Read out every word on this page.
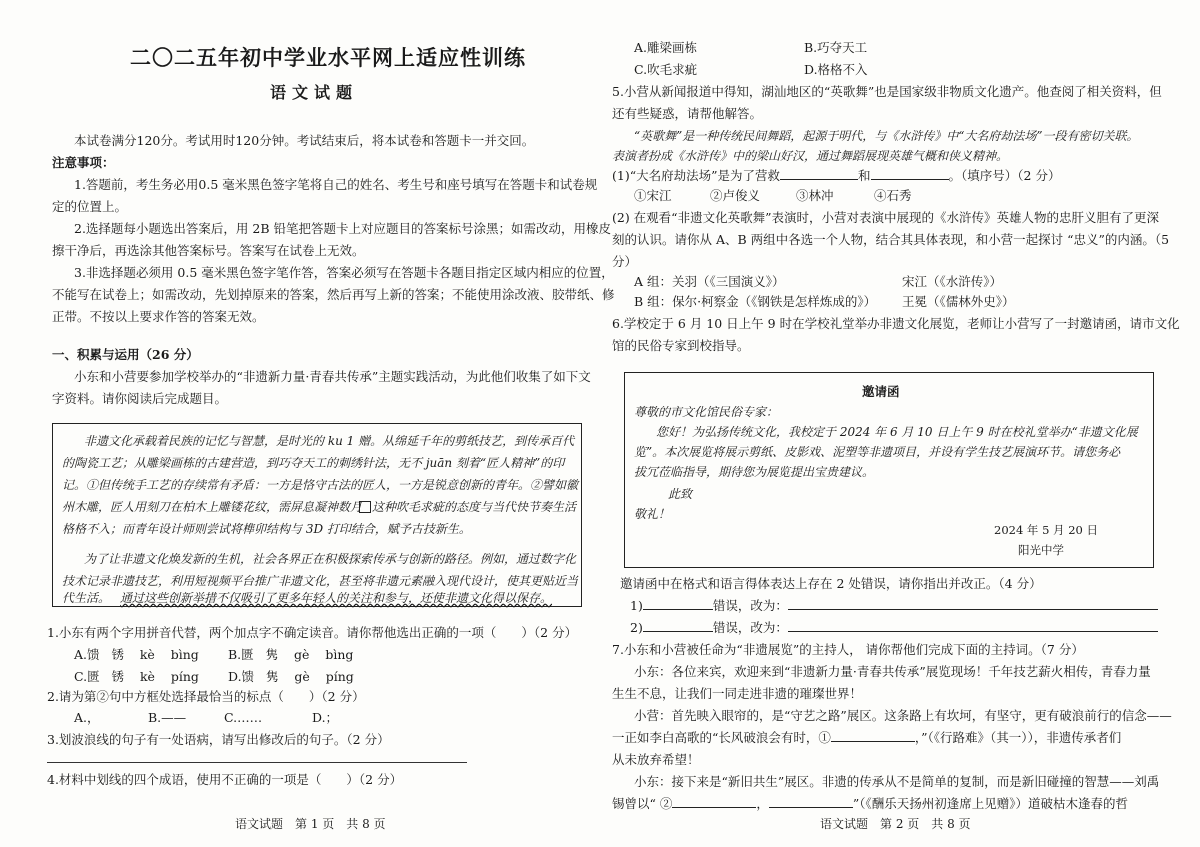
二〇二五年初中学业水平网上适应性训练
语文试题
本试卷满分120分。考试用时120分钟。考试结束后，将本试卷和答题卡一并交回。
注意事项：
1.答题前，考生务必用0.5 毫米黑色签字笔将自己的姓名、考生号和座号填写在答题卡和试卷规
定的位置上。
2.选择题每小题选出答案后，用 2B 铅笔把答题卡上对应题目的答案标号涂黑；如需改动，用橡皮
擦干净后，再选涂其他答案标号。答案写在试卷上无效。
3.非选择题必须用 0.5 毫米黑色签字笔作答，答案必须写在答题卡各题目指定区域内相应的位置，
不能写在试卷上；如需改动，先划掉原来的答案，然后再写上新的答案；不能使用涂改液、胶带纸、修
正带。不按以上要求作答的答案无效。
一、积累与运用（26 分）
小东和小营要参加学校举办的“非遗新力量·青春共传承”主题实践活动，为此他们收集了如下文
字资料。请你阅读后完成题目。
非遗文化承载着民族的记忆与智慧，是时光的 ku 1 赠。从绵延千年的剪纸技艺，到传承百代
的陶瓷工艺；从雕梁画栋的古建营造，到巧夺天工的刺绣针法，无不 juān 刻着“匠人精神”的印
记。①但传统手工艺的存续常有矛盾：一方是恪守古法的匠人，一方是锐意创新的青年。②譬如徽
州木雕，匠人用刻刀在柏木上雕镂花纹，需屏息凝神数月 这种吹毛求疵的态度与当代快节奏生活
格格不入；而青年设计师则尝试将榫卯结构与 3D 打印结合，赋予古技新生。
为了让非遗文化焕发新的生机，社会各界正在积极探索传承与创新的路径。例如，通过数字化
技术记录非遗技艺，利用短视频平台推广非遗文化，甚至将非遗元素融入现代设计，使其更贴近当
代生活。 通过这些创新举措不仅吸引了更多年轻人的关注和参与，还使非遗文化得以保存。
1.小东有两个字用拼音代替，两个加点字不确定读音。请你帮他选出正确的一项（　　）（2 分）
A.馈 锈 kè bìng B.匮 隽 gè bìng
C.匮 锈 kè píng D.馈 隽 gè píng
2.请为第②句中方框处选择最恰当的标点（　　）（2 分）
A.，	B.——	C.……	D.；
3.划波浪线的句子有一处语病，请写出修改后的句子。（2 分）
4.材料中划线的四个成语，使用不正确的一项是（　　）（2 分）
语文试题　第 1 页　共 8 页
A.雕梁画栋	B.巧夺天工
C.吹毛求疵	D.格格不入
5.小营从新闻报道中得知，湖汕地区的“英歌舞”也是国家级非物质文化遗产。他查阅了相关资料，但
还有些疑惑，请帮他解答。
“英歌舞”是一种传统民间舞蹈，起源于明代，与《水浒传》中“大名府劫法场”一段有密切关联。
表演者扮成《水浒传》中的梁山好汉，通过舞蹈展现英雄气概和侠义精神。
(1)“大名府劫法场”是为了营救	和	。（填序号）（2 分）
①宋江	②卢俊义	③林冲	④石秀
(2) 在观看“非遗文化英歌舞”表演时，小营对表演中展现的《水浒传》英雄人物的忠肝义胆有了更深
刻的认识。请你从 A、B 两组中各选一个人物，结合其具体表现，和小营一起探讨 “忠义”的内涵。（5
分）
A 组：关羽（《三国演义》）	宋江（《水浒传》）
B 组：保尔·柯察金（《钢铁是怎样炼成的》） 王冕（《儒林外史》）
6.学校定于 6 月 10 日上午 9 时在学校礼堂举办非遗文化展览，老师让小营写了一封邀请函，请市文化
馆的民俗专家到校指导。
邀请函
尊敬的市文化馆民俗专家：
您好！为弘扬传统文化，我校定于 2024 年 6 月 10 日上午 9 时在校礼堂举办“非遗文化展
览”。本次展览将展示剪纸、皮影戏、泥塑等非遗项目，并设有学生技艺展演环节。请您务必
拔冗莅临指导，期待您为展览提出宝贵建议。
此致
敬礼！
2024 年 5 月 20 日
阳光中学
邀请函中在格式和语言得体表达上存在 2 处错误，请你指出并改正。（4 分）
1)	错误，改为：
2)	错误，改为：
7.小东和小营被任命为“非遗展览”的主持人， 请你帮他们完成下面的主持词。（7 分）
小东：各位来宾，欢迎来到“非遗新力量·青春共传承”展览现场！千年技艺薪火相传，青春力量
生生不息，让我们一同走进非遗的璀璨世界！
小营：首先映入眼帘的，是“守艺之路”展区。这条路上有坎坷，有坚守，更有破浪前行的信念——
一正如李白高歌的“长风破浪会有时，①	，”（《行路难》（其一）），非遗传承者们
从未放弃希望！
小东：接下来是“新旧共生”展区。非遗的传承从不是简单的复制，而是新旧碰撞的智慧——刘禹
锡曾以“ ②	，	”（《酬乐天扬州初逢席上见赠》）道破枯木逢春的哲
语文试题　第 2 页　共 8 页
